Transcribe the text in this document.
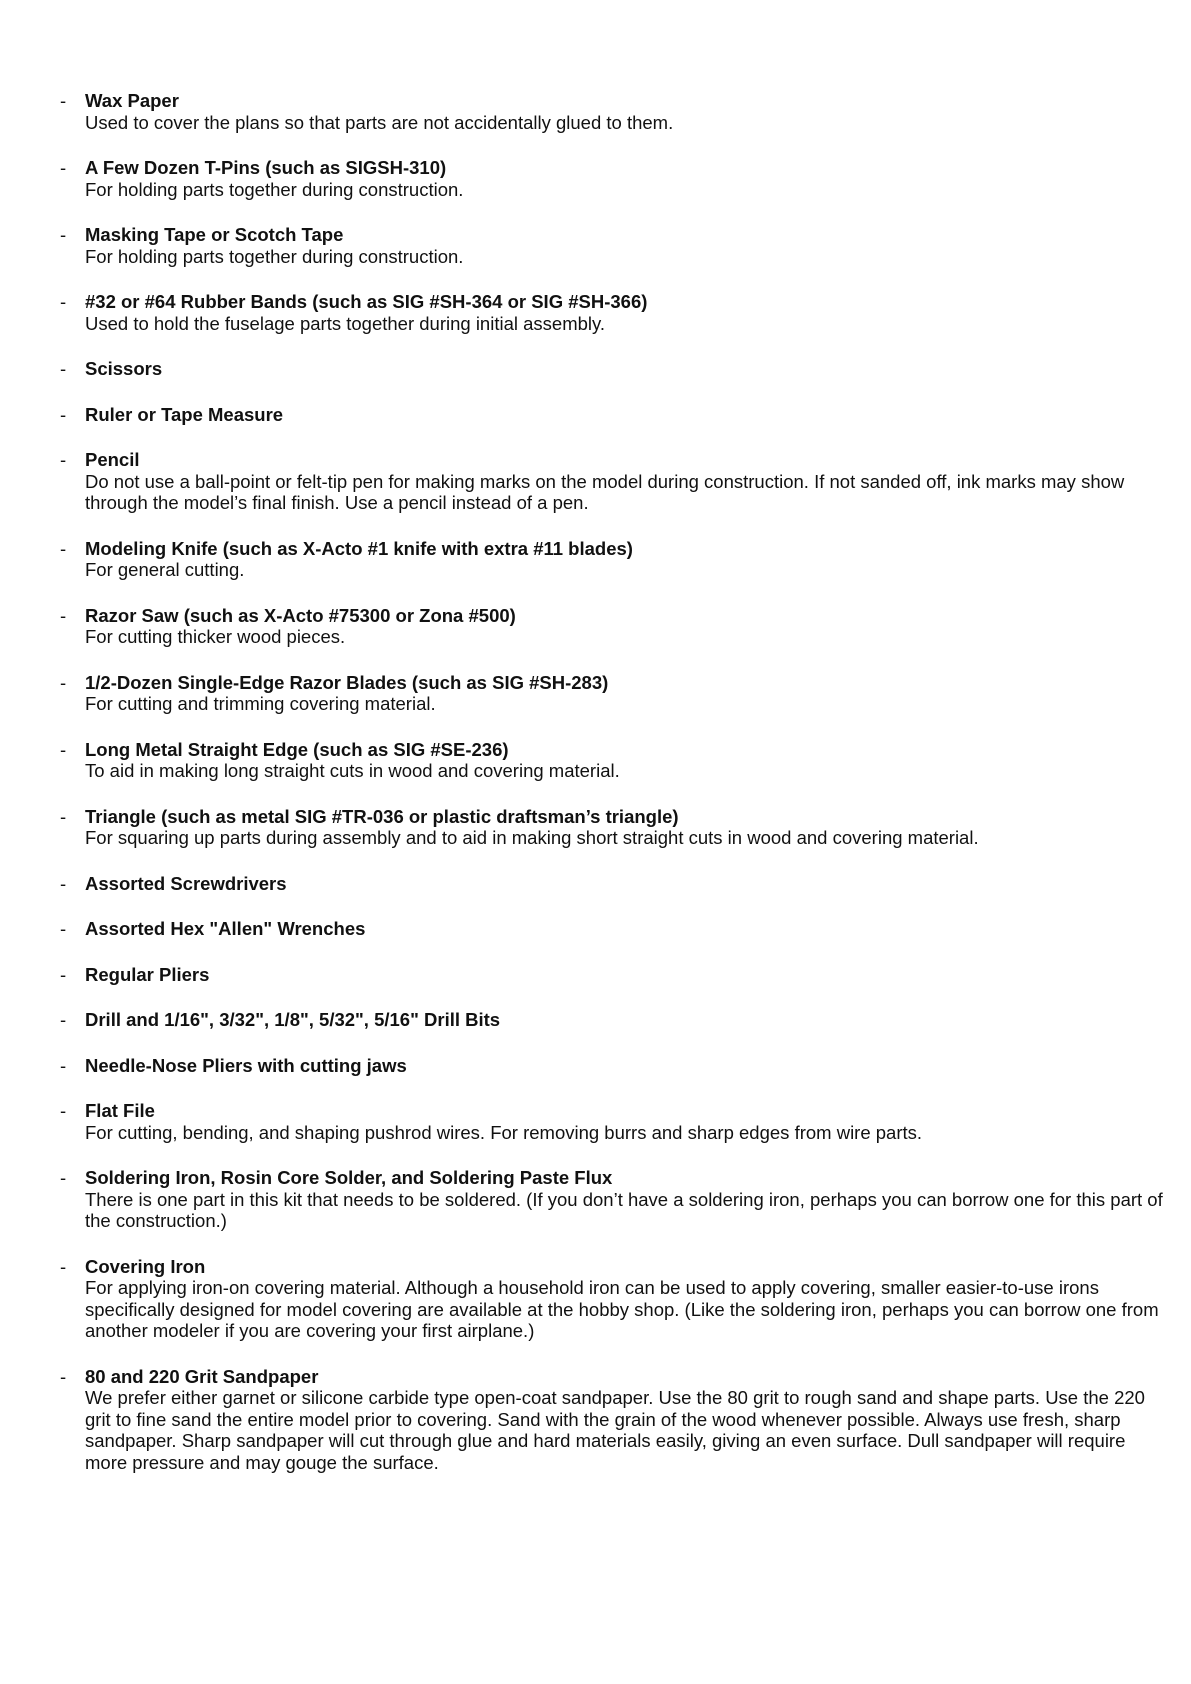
- Wax Paper
Used to cover the plans so that parts are not accidentally glued to them.
- A Few Dozen T-Pins (such as SIGSH-310)
For holding parts together during construction.
- Masking Tape or Scotch Tape
For holding parts together during construction.
- #32 or #64 Rubber Bands (such as SIG #SH-364 or SIG #SH-366)
Used to hold the fuselage parts together during initial assembly.
- Scissors
- Ruler or Tape Measure
- Pencil
Do not use a ball-point or felt-tip pen for making marks on the model during construction. If not sanded off, ink marks may show through the model’s final finish. Use a pencil instead of a pen.
- Modeling Knife (such as X-Acto #1 knife with extra #11 blades)
For general cutting.
- Razor Saw (such as X-Acto #75300 or Zona #500)
For cutting thicker wood pieces.
- 1/2-Dozen Single-Edge Razor Blades (such as SIG #SH-283)
For cutting and trimming covering material.
- Long Metal Straight Edge (such as SIG #SE-236)
To aid in making long straight cuts in wood and covering material.
- Triangle (such as metal SIG #TR-036 or plastic draftsman’s triangle)
For squaring up parts during assembly and to aid in making short straight cuts in wood and covering material.
- Assorted Screwdrivers
- Assorted Hex "Allen" Wrenches
- Regular Pliers
- Drill and 1/16", 3/32", 1/8", 5/32", 5/16" Drill Bits
- Needle-Nose Pliers with cutting jaws
- Flat File
For cutting, bending, and shaping pushrod wires. For removing burrs and sharp edges from wire parts.
- Soldering Iron, Rosin Core Solder, and Soldering Paste Flux
There is one part in this kit that needs to be soldered. (If you don’t have a soldering iron, perhaps you can borrow one for this part of the construction.)
- Covering Iron
For applying iron-on covering material. Although a household iron can be used to apply covering, smaller easier-to-use irons specifically designed for model covering are available at the hobby shop. (Like the soldering iron, perhaps you can borrow one from another modeler if you are covering your first airplane.)
- 80 and 220 Grit Sandpaper
We prefer either garnet or silicone carbide type open-coat sandpaper. Use the 80 grit to rough sand and shape parts. Use the 220 grit to fine sand the entire model prior to covering. Sand with the grain of the wood whenever possible. Always use fresh, sharp sandpaper. Sharp sandpaper will cut through glue and hard materials easily, giving an even surface. Dull sandpaper will require more pressure and may gouge the surface.
